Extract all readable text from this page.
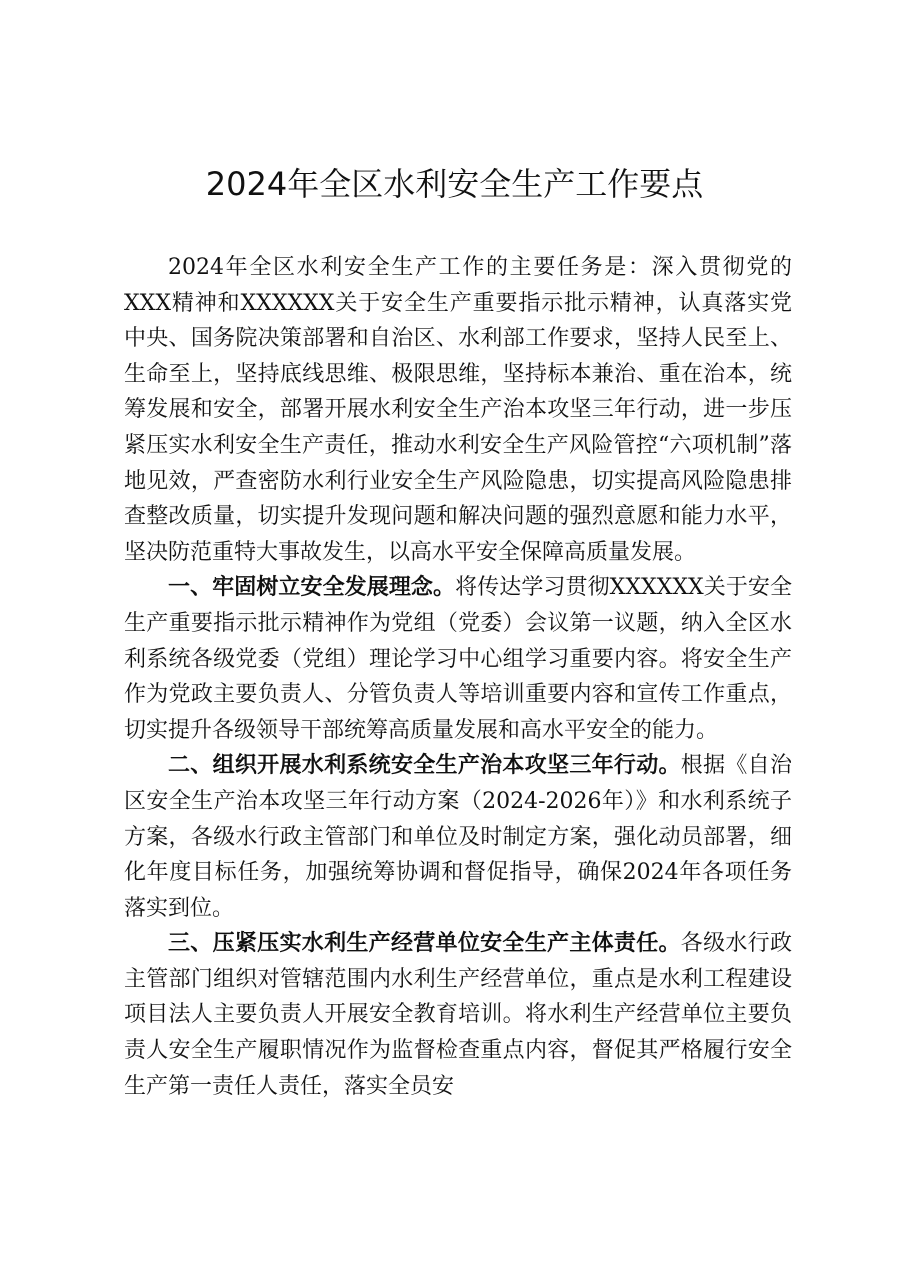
2024年全区水利安全生产工作要点

2024年全区水利安全生产工作的主要任务是：深入贯彻党的XXX精神和XXXXXX关于安全生产重要指示批示精神，认真落实党中央、国务院决策部署和自治区、水利部工作要求，坚持人民至上、生命至上，坚持底线思维、极限思维，坚持标本兼治、重在治本，统筹发展和安全，部署开展水利安全生产治本攻坚三年行动，进一步压紧压实水利安全生产责任，推动水利安全生产风险管控“六项机制”落地见效，严查密防水利行业安全生产风险隐患，切实提高风险隐患排查整改质量，切实提升发现问题和解决问题的强烈意愿和能力水平，坚决防范重特大事故发生，以高水平安全保障高质量发展。

一、牢固树立安全发展理念。将传达学习贯彻XXXXXX关于安全生产重要指示批示精神作为党组（党委）会议第一议题，纳入全区水利系统各级党委（党组）理论学习中心组学习重要内容。将安全生产作为党政主要负责人、分管负责人等培训重要内容和宣传工作重点，切实提升各级领导干部统筹高质量发展和高水平安全的能力。

二、组织开展水利系统安全生产治本攻坚三年行动。根据《自治区安全生产治本攻坚三年行动方案（2024-2026年）》和水利系统子方案，各级水行政主管部门和单位及时制定方案，强化动员部署，细化年度目标任务，加强统筹协调和督促指导，确保2024年各项任务落实到位。

三、压紧压实水利生产经营单位安全生产主体责任。各级水行政主管部门组织对管辖范围内水利生产经营单位，重点是水利工程建设项目法人主要负责人开展安全教育培训。将水利生产经营单位主要负责人安全生产履职情况作为监督检查重点内容，督促其严格履行安全生产第一责任人责任，落实全员安
